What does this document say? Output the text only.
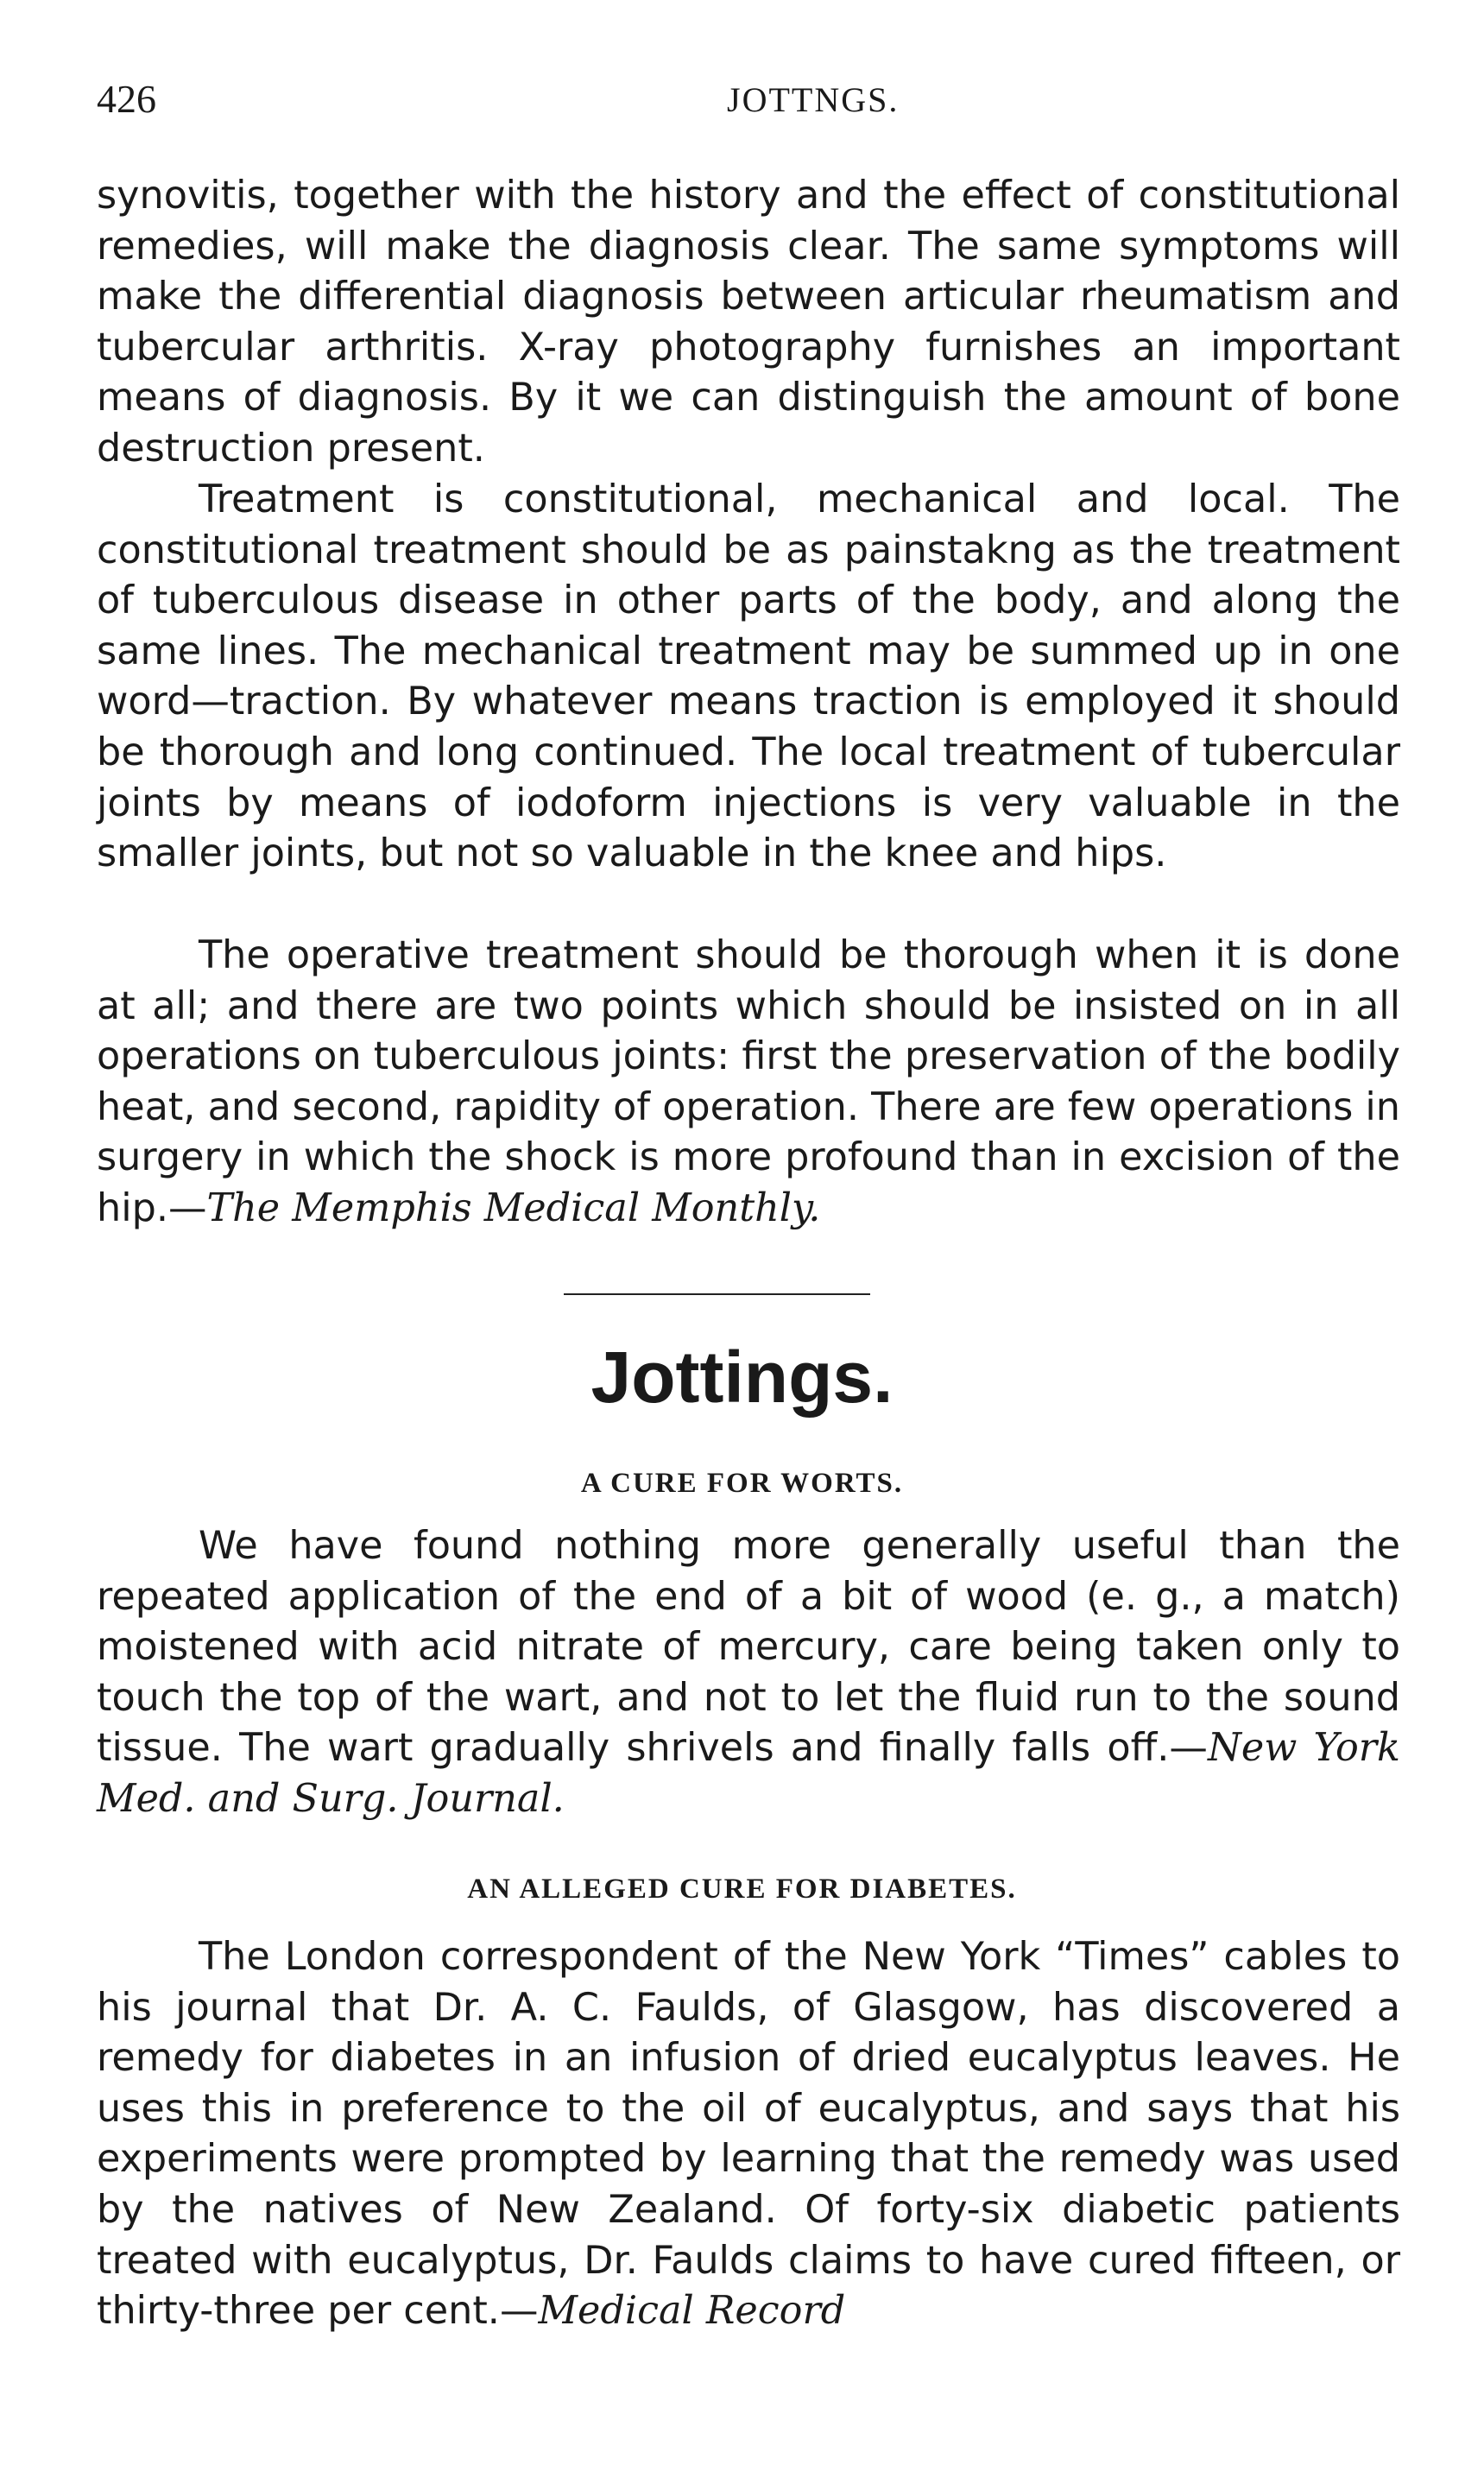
426	JOTTNGS.

synovitis, together with the history and the effect of constitutional remedies, will make the diagnosis clear. The same symptoms will make the differential diagnosis between articular rheumatism and tubercular arthritis. X-ray photography furnishes an important means of diagnosis. By it we can distinguish the amount of bone destruction present.

Treatment is constitutional, mechanical and local. The constitutional treatment should be as painstakng as the treatment of tuberculous disease in other parts of the body, and along the same lines. The mechanical treatment may be summed up in one word—traction. By whatever means traction is employed it should be thorough and long continued. The local treatment of tubercular joints by means of iodoform injections is very valuable in the smaller joints, but not so valuable in the knee and hips.

The operative treatment should be thorough when it is done at all; and there are two points which should be insisted on in all operations on tuberculous joints: first the preservation of the bodily heat, and second, rapidity of operation. There are few operations in surgery in which the shock is more profound than in excision of the hip.—The Memphis Medical Monthly.

Jottings.
A CURE FOR WORTS.

We have found nothing more generally useful than the repeated application of the end of a bit of wood (e. g., a match) moistened with acid nitrate of mercury, care being taken only to touch the top of the wart, and not to let the fluid run to the sound tissue. The wart gradually shrivels and finally falls off.—New York Med. and Surg. Journal.

AN ALLEGED CURE FOR DIABETES.

The London correspondent of the New York “Times” cables to his journal that Dr. A. C. Faulds, of Glasgow, has discovered a remedy for diabetes in an infusion of dried eucalyptus leaves. He uses this in preference to the oil of eucalyptus, and says that his experiments were prompted by learning that the remedy was used by the natives of New Zealand. Of forty-six diabetic patients treated with eucalyptus, Dr. Faulds claims to have cured fifteen, or thirty-three per cent.—Medical Record
